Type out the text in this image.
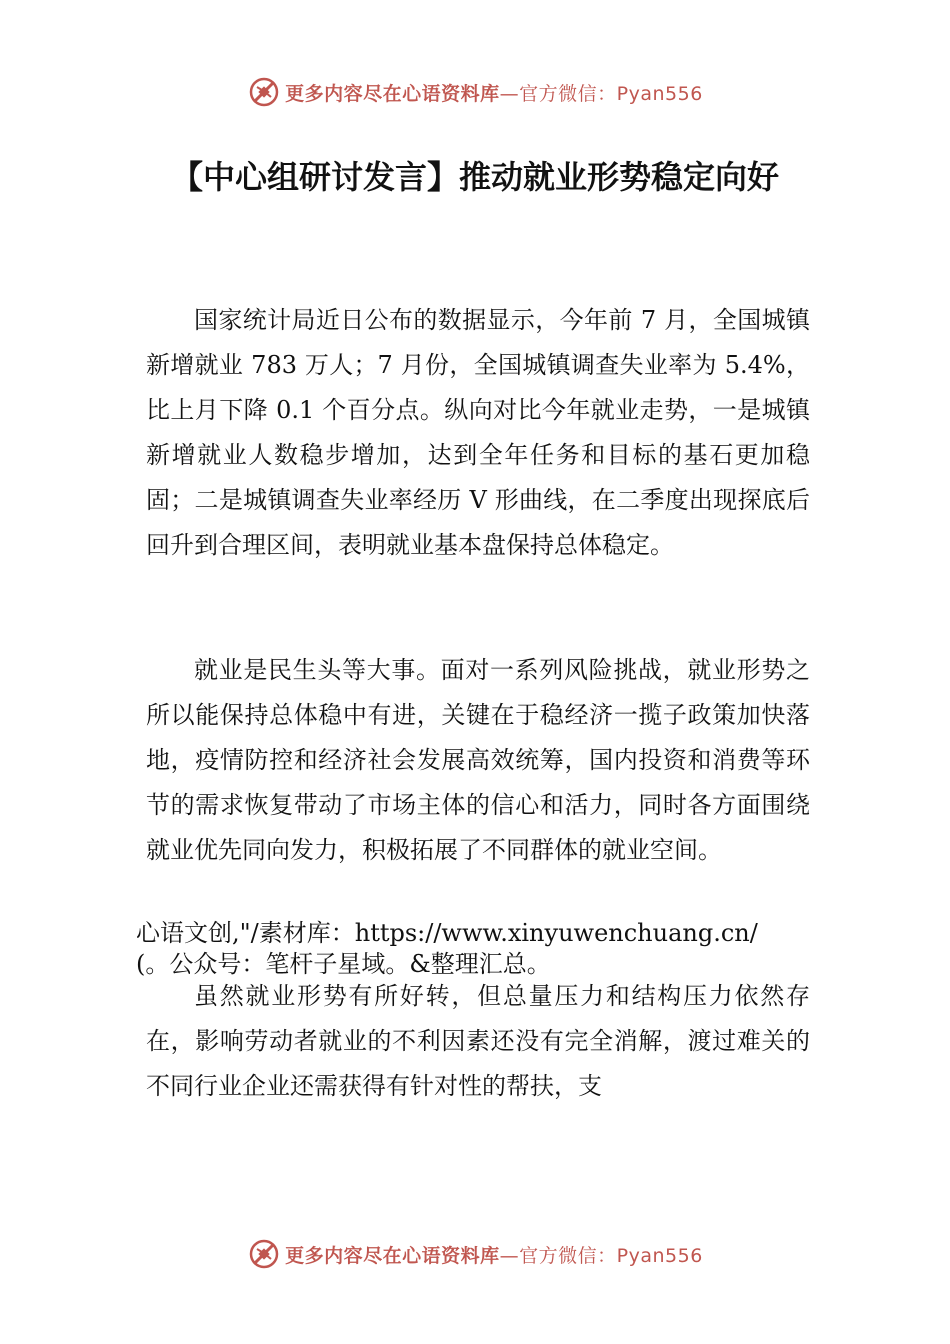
更多内容尽在心语资料库 —官方微信：Pyan556
【中心组研讨发言】推动就业形势稳定向好

国家统计局近日公布的数据显示，今年前 7 月，全国城镇新增就业 783 万人；7 月份，全国城镇调查失业率为 5.4%，比上月下降 0.1 个百分点。纵向对比今年就业走势，一是城镇新增就业人数稳步增加，达到全年任务和目标的基石更加稳固；二是城镇调查失业率经历 V 形曲线，在二季度出现探底后回升到合理区间，表明就业基本盘保持总体稳定。

就业是民生头等大事。面对一系列风险挑战，就业形势之所以能保持总体稳中有进，关键在于稳经济一揽子政策加快落地，疫情防控和经济社会发展高效统筹，国内投资和消费等环节的需求恢复带动了市场主体的信心和活力，同时各方面围绕就业优先同向发力，积极拓展了不同群体的就业空间。

心语文创,"/素材库：https://www.xinyuwenchuang.cn/
(。公众号：笔杆子星域。&整理汇总。

虽然就业形势有所好转，但总量压力和结构压力依然存在，影响劳动者就业的不利因素还没有完全消解，渡过难关的不同行业企业还需获得有针对性的帮扶，支

更多内容尽在心语资料库 —官方微信：Pyan556
